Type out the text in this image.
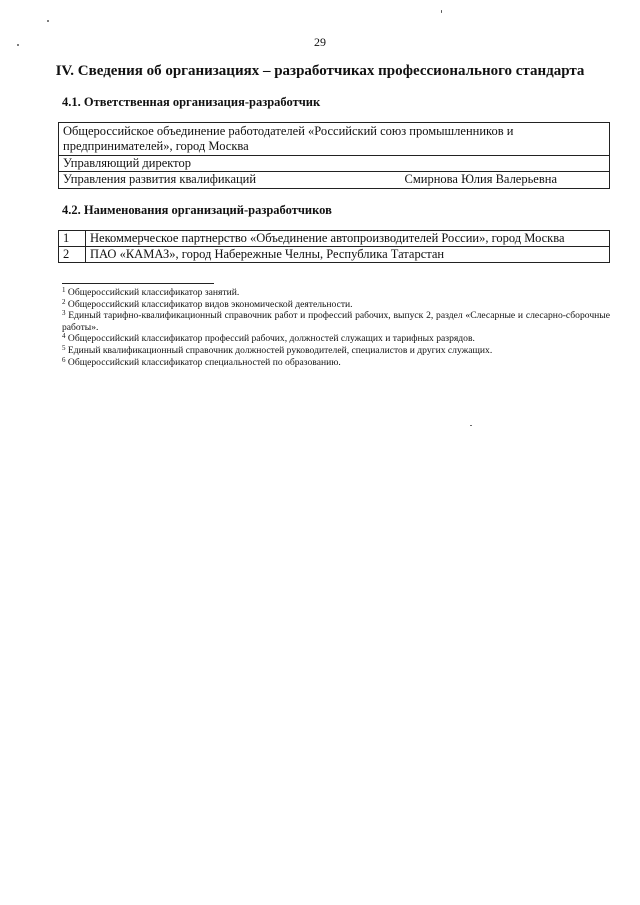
29
IV. Сведения об организациях – разработчиках профессионального стандарта
4.1. Ответственная организация-разработчик
Общероссийское объединение работодателей «Российский союз промышленников и предпринимателей», город Москва
Управляющий директор

Управления развития квалификаций	Смирнова Юлия Валерьевна
4.2. Наименования организаций-разработчиков
1	Некоммерческое партнерство «Объединение автопроизводителей России», город Москва
2	ПАО «КАМАЗ», город Набережные Челны, Республика Татарстан

$^1$ Общероссийский классификатор занятий.

$^2$ Общероссийский классификатор видов экономической деятельности.

$^3$ Единый тарифно-квалификационный справочник работ и профессий рабочих, выпуск 2, раздел «Слесарные и слесарно-сборочные работы».

$^4$ Общероссийский классификатор профессий рабочих, должностей служащих и тарифных разрядов.

$^5$ Единый квалификационный справочник должностей руководителей, специалистов и других служащих.

$^6$ Общероссийский классификатор специальностей по образованию.
